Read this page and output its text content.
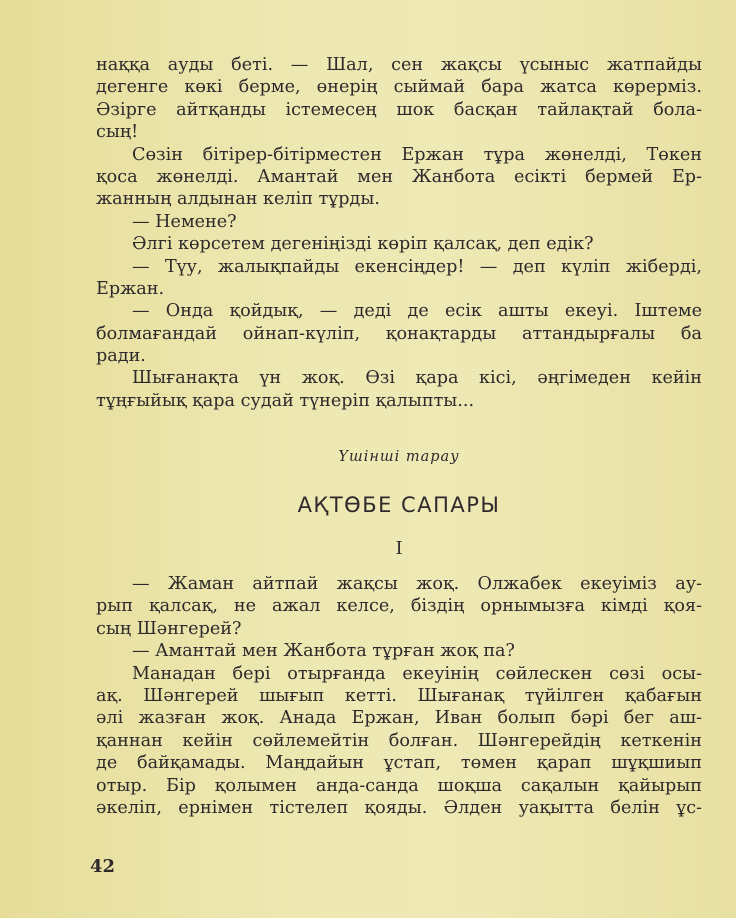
наққа ауды беті. — Шал, сен жақсы үсыныс жатпайды
дегенге көкі берме, өнерің сыймай бара жатса көрерміз.
Әзірге айтқанды істемесең шок басқан тайлақтай бола-
сың!
Сөзін бітірер-бітірместен Ержан тұра жөнелді, Төкен
қоса жөнелді. Амантай мен Жанбота есікті бермей Ер-
жанның алдынан келіп тұрды.
— Немене?
Әлгі көрсетем дегеніңізді көріп қалсақ, деп едік?
— Түу, жалықпайды екенсіңдер! — деп күліп жіберді,
Ержан.
— Онда қойдық, — деді де есік ашты екеуі. Іштеме
болмағандай ойнап-күліп, қонақтарды аттандырғалы ба
ради.
Шығанақта үн жоқ. Өзі қара кісі, әңгімеден кейін
тұңғыйық қара судай түнеріп қалыпты...
Үшінші тарау
АҚТӨБЕ САПАРЫ
I
— Жаман айтпай жақсы жоқ. Олжабек екеуіміз ау-
рып қалсақ, не ажал келсе, біздің орнымызға кімді қоя-
сың Шәнгерей?
— Амантай мен Жанбота тұрған жоқ па?
Манадан бері отырғанда екеуінің сөйлескен сөзі осы-
ақ. Шәнгерей шығып кетті. Шығанақ түйілген қабағын
әлі жазған жоқ. Анада Ержан, Иван болып бәрі бег аш-
қаннан кейін сөйлемейтін болған. Шәнгерейдің кеткенін
де байқамады. Маңдайын ұстап, төмен қарап шұқшиып
отыр. Бір қолымен анда-санда шоқша сақалын қайырып
әкеліп, ернімен тістелеп қояды. Әлден уақытта белін ұс-
42
